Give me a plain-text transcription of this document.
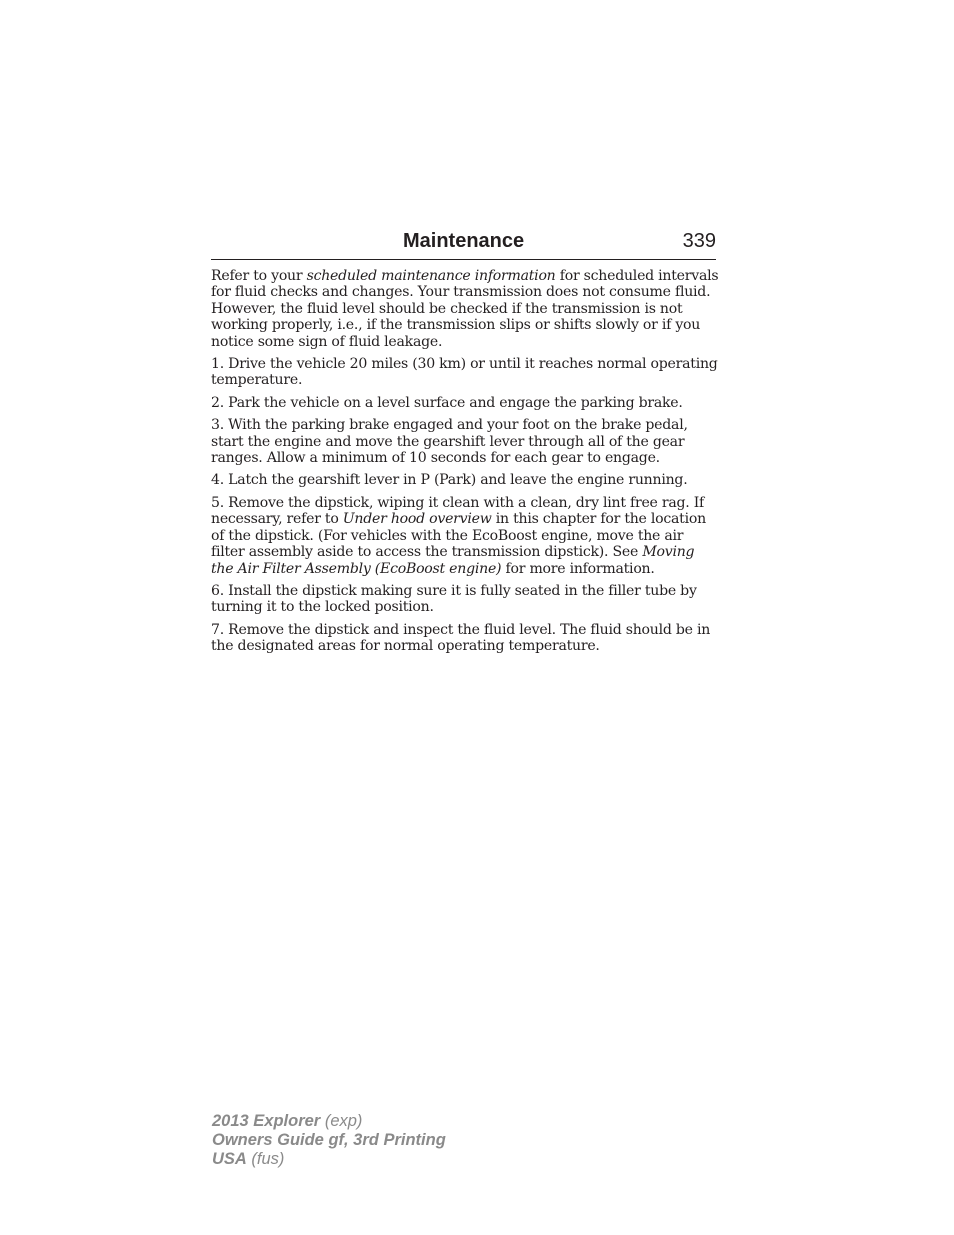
Maintenance	339

Refer to your scheduled maintenance information for scheduled intervals for fluid checks and changes. Your transmission does not consume fluid. However, the fluid level should be checked if the transmission is not working properly, i.e., if the transmission slips or shifts slowly or if you notice some sign of fluid leakage.

1. Drive the vehicle 20 miles (30 km) or until it reaches normal operating temperature.

2. Park the vehicle on a level surface and engage the parking brake.

3. With the parking brake engaged and your foot on the brake pedal, start the engine and move the gearshift lever through all of the gear ranges. Allow a minimum of 10 seconds for each gear to engage.

4. Latch the gearshift lever in P (Park) and leave the engine running.

5. Remove the dipstick, wiping it clean with a clean, dry lint free rag. If necessary, refer to Under hood overview in this chapter for the location of the dipstick. (For vehicles with the EcoBoost engine, move the air filter assembly aside to access the transmission dipstick). See Moving the Air Filter Assembly (EcoBoost engine) for more information.

6. Install the dipstick making sure it is fully seated in the filler tube by turning it to the locked position.

7. Remove the dipstick and inspect the fluid level. The fluid should be in the designated areas for normal operating temperature.

2013 Explorer (exp)
Owners Guide gf, 3rd Printing
USA (fus)
